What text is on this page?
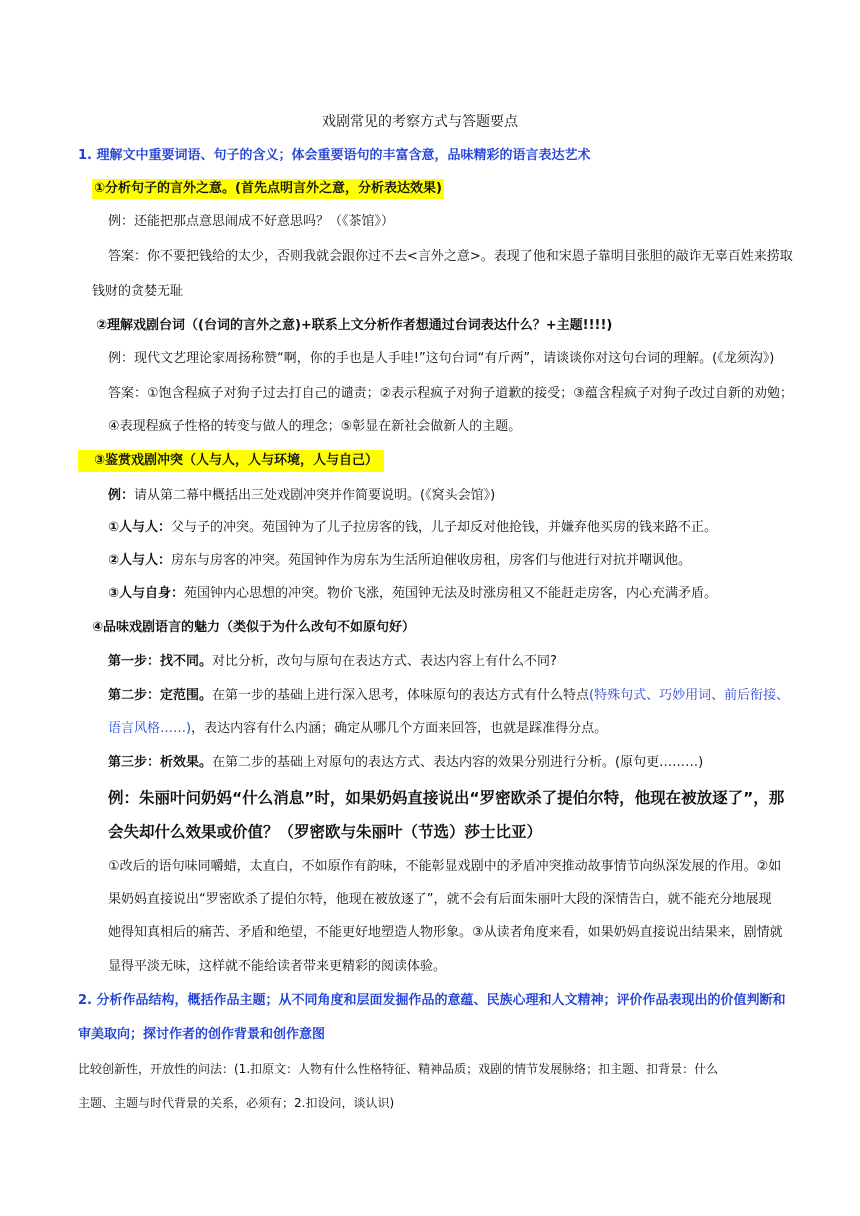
戏剧常见的考察方式与答题要点
1. 理解文中重要词语、句子的含义；体会重要语句的丰富含意，品味精彩的语言表达艺术
①分析句子的言外之意。(首先点明言外之意，分析表达效果)
例：还能把那点意思闹成不好意思吗？（《茶馆》）
答案：你不要把钱给的太少，否则我就会跟你过不去<言外之意>。表现了他和宋恩子靠明目张胆的敲诈无辜百姓来捞取
钱财的贪婪无耻
②理解戏剧台词（(台词的言外之意)+联系上文分析作者想通过台词表达什么？+主题!!!!)
例：现代文艺理论家周扬称赞“啊，你的手也是人手哇!”这句台词“有斤两”，请谈谈你对这句台词的理解。(《龙须沟》)
答案：①饱含程疯子对狗子过去打自己的谴责；②表示程疯子对狗子道歉的接受；③蕴含程疯子对狗子改过自新的劝勉；
④表现程疯子性格的转变与做人的理念；⑤彰显在新社会做新人的主题。
③鉴赏戏剧冲突（人与人，人与环境，人与自己）
例：请从第二幕中概括出三处戏剧冲突并作简要说明。(《窝头会馆》)
①人与人：父与子的冲突。苑国钟为了儿子拉房客的钱，儿子却反对他抢钱，并嫌弃他买房的钱来路不正。
②人与人：房东与房客的冲突。苑国钟作为房东为生活所迫催收房租，房客们与他进行对抗并嘲讽他。
③人与自身：苑国钟内心思想的冲突。物价飞涨，苑国钟无法及时涨房租又不能赶走房客，内心充满矛盾。
④品味戏剧语言的魅力（类似于为什么改句不如原句好）
第一步：找不同。对比分析，改句与原句在表达方式、表达内容上有什么不同?
第二步：定范围。在第一步的基础上进行深入思考，体味原句的表达方式有什么特点(特殊句式、巧妙用词、前后衔接、
语言风格……)，表达内容有什么内涵；确定从哪几个方面来回答，也就是踩准得分点。
第三步：析效果。在第二步的基础上对原句的表达方式、表达内容的效果分别进行分析。(原句更………)
例：朱丽叶问奶妈“什么消息”时，如果奶妈直接说出“罗密欧杀了提伯尔特，他现在被放逐了”，那
会失却什么效果或价值？（罗密欧与朱丽叶（节选）莎士比亚）
①改后的语句味同嚼蜡，太直白，不如原作有韵味，不能彰显戏剧中的矛盾冲突推动故事情节向纵深发展的作用。②如
果奶妈直接说出“罗密欧杀了提伯尔特，他现在被放逐了”，就不会有后面朱丽叶大段的深情告白，就不能充分地展现
她得知真相后的痛苦、矛盾和绝望，不能更好地塑造人物形象。③从读者角度来看，如果奶妈直接说出结果来，剧情就
显得平淡无味，这样就不能给读者带来更精彩的阅读体验。
2. 分析作品结构，概括作品主题；从不同角度和层面发掘作品的意蕴、民族心理和人文精神；评价作品表现出的价值判断和
审美取向；探讨作者的创作背景和创作意图
比较创新性，开放性的问法：(1.扣原文：人物有什么性格特征、精神品质；戏剧的情节发展脉络；扣主题、扣背景：什么
主题、主题与时代背景的关系，必须有；2.扣设问，谈认识)
